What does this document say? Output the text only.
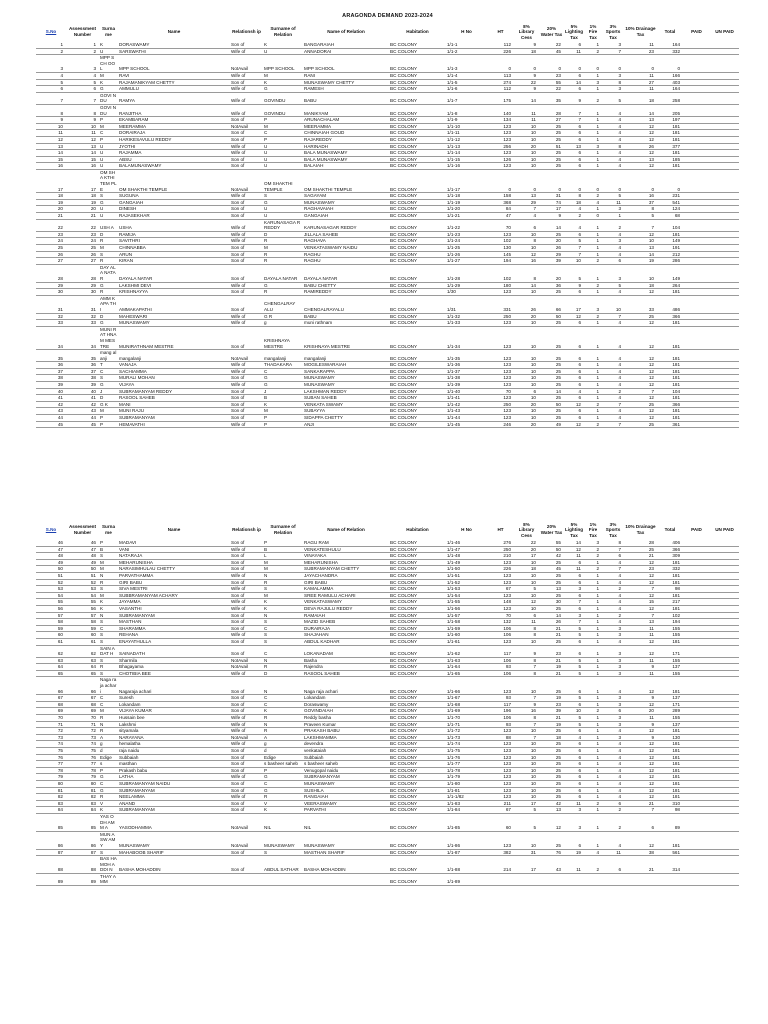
ARAGONDA DEMAND 2023-2024
S.No	Assessment Number	Surna me	Name	Relationsh ip	Surname of Relation	Name of Relation	Habitation	H No	HT	8% Library Cess	20% Water Tax	5% Lighting Tax	1% Fire Tax	3% Sports Tax	10% Drainage Tax	Total	PAID	UN PAID
1	1	K	DORASWAMY	Son of	K	BANGARAIAH	BC COLONY	1/1-1	112	9	22	6	1	3	11	164		
2	2	U	SARSWATHI	Wife of	U	ANNADORAI	BC COLONY	1/1-2	226	18	45	11	2	7	23	332		
3	3	MPP SCH OOL	MPP SCHOOL	NotAvail	MPP SCHOOL	MPP SCHOOL	BC COLONY	1/1-3	0	0	0	0	0	0	0	0		
4	4	M	RAVI	Wife of	M	RANI	BC COLONY	1/1-4	113	9	23	6	1	3	11	166		
5	5	K	RAJAMANIKYAM CHETTY	Son of	K	MUNASWAMY CHETTY	BC COLONY	1/1-5	274	22	55	14	3	8	27	403		
6	6	G	AMMULU	Wife of	G	RAMESH	BC COLONY	1/1-6	112	9	22	6	1	3	11	164		
7	7	GOVI NDU	RAMYA	Wife of	GOVINDU	BABU	BC COLONY	1/1-7	175	14	35	9	2	5	18	258		
8	8	GOVI NDU	RANJITHA	Wife of	GOVINDU	MANIKYAM	BC COLONY	1/1-8	140	11	28	7	1	4	14	205		
9	9	P	EKAMBARAM	Son of	P	ARUNACHALAM	BC COLONY	1/1-9	134	11	27	7	1	4	13	197		
10	10	M	MEERAMMA	NotAvail	M	MEERAMMA	BC COLONY	1/1-10	123	10	25	6	1	4	12	181		
11	11	C	DORAIRAJA	Son of	C	CHINNAIAH GOUD	BC COLONY	1/1-11	123	10	25	6	1	4	12	181		
12	12	P	HARIKESAVULU REDDY	Son of	P	RAJAREDDY	BC COLONY	1/1-12	123	10	25	6	1	4	12	181		
13	13	U	JYOTHI	Wife of	U	HARINADH	BC COLONY	1/1-13	256	20	51	13	3	8	26	377		
14	14	U	RAJAMMA	Wife of	U	BALA MUNASWAMY	BC COLONY	1/1-14	123	10	25	6	1	4	12	181		
15	15	U	ABSU	Son of	U	BALA MUNASWAMY	BC COLONY	1/1-15	126	10	25	6	1	4	13	185		
16	16	U	BALAMUNASWAMY	Son of	U	BALAIAH	BC COLONY	1/1-16	123	10	25	6	1	4	12	181		
17	17	OM SHA KTHI TEM PLE	OM SHAKTHI TEMPLE	NotAvail	OM SHAKTHI TEMPLE	OM SHAKTHI TEMPLE	BC COLONY	1/1-17	0	0	0	0	0	0	0	0		
18	18	S	SUGUNA	Wife of	S	SAGAYAM	BC COLONY	1/1-18	158	13	31	8	2	5	16	231		
19	19	G	GANGAIAH	Son of	G	MUNASWAMY	BC COLONY	1/1-19	368	29	74	18	4	11	37	541		
20	20	U	DINESH	Son of	U	RAGHAVAIAH	BC COLONY	1/1-20	84	7	17	4	1	3	8	124		
21	21	U	RAJASEKHAR	Son of	U	GANGAIAH	BC COLONY	1/1-21	47	4	9	2	0	1	5	68		
22	22	USH A	USHA	Wife of	KARUNASAGA R REDDY	KARUNASAGAR REDDY	BC COLONY	1/1-22	70	6	14	4	1	2	7	104		
23	23	D	RAMIJA	Wife of	D	JILLALA SAHEB	BC COLONY	1/1-23	123	10	25	6	1	4	12	181		
24	24	R	SAVITHRI	Wife of	R	RAGHAVA	BC COLONY	1/1-24	102	8	20	5	1	3	10	149		
25	25	M	CHINNABBA	Son of	M	VENKATASWAMY NAIDU	BC COLONY	1/1-25	130	10	26	7	1	4	13	191		
26	26	S	ARUN	Son of	R	RAGHU	BC COLONY	1/1-26	145	12	29	7	1	4	14	212		
27	27	R	KIRAN	Son of	R	RAGHU	BC COLONY	1/1-27	194	16	39	10	2	6	19	286		
28	28	DAY ALA NATA R	DAYALA NATAR	Son of	DAYALA NATAR	DAYALA NATAR	BC COLONY	1/1-28	102	8	20	5	1	3	10	149		
29	29	G	LAKSHMI DEVI	Wife of	G	BABU CHETTY	BC COLONY	1/1-29	180	14	36	9	2	5	18	264		
30	30	R	KRISHNAYYA	Son of	R	RAMIREDDY	BC COLONY	1/30	123	10	25	6	1	4	12	181		
31	31	AMM KAPA THI	AMMAKAPATHI	Son of	CHENGALRAY ALU	CHENGALRAYALU	BC COLONY	1/31	331	26	66	17	3	10	33	486		
32	32	D	MAHESWARI	Wife of	G R	BABU	BC COLONY	1/1-32	250	20	50	12	2	7	25	366		
33	33	G	MUNASWAMY	Wife of	g	muni rathnam	BC COLONY	1/1-33	123	10	25	6	1	4	12	181		
34	34	MUNI RAT HNA M MES TRE	MUNIRATHNAM MESTRE	Son of	KRISHNAYA MESTRE	KRISHNAYA MESTRE	BC COLONY	1/1-34	123	10	25	6	1	4	12	181		
35	35	mang alanji	mangalanji	NotAvail	mangalanji	mangalanji	BC COLONY	1/1-35	123	10	25	6	1	4	12	181		
36	36	T	VANAJA	Wife of	THADAKARA	MOGILESWARAIAH	BC COLONY	1/1-36	123	10	25	6	1	4	12	181		
37	37	C	SACHIAMMA	Wife of	C	SANKARAPPA	BC COLONY	1/1-37	123	10	25	6	1	4	12	181		
38	38	S	MURALI MOHAN	Son of	G	MUNASWAMY	BC COLONY	1/1-38	123	10	25	6	1	4	12	181		
39	39	G	VIJAYA	Wife of	G	MUNASWAMY	BC COLONY	1/1-39	123	10	25	6	1	4	12	181		
40	40	J	SUBRAMANYAM REDDY	Son of	J	LAKSHMAN REDDY	BC COLONY	1/1-40	70	6	14	4	1	2	7	104		
41	41	D	RASOOL SAHEB	Son of	B	SUBAN SAHEB	BC COLONY	1/1-41	123	10	25	6	1	4	12	181		
42	42	G K	MANI	Son of	K	VENKATA SWAMY	BC COLONY	1/1-42	250	20	50	12	2	7	25	366		
43	43	M	MUNI RAJU	Son of	M	SUBAYYA	BC COLONY	1/1-43	123	10	25	6	1	4	12	181		
44	44	P	SUBRAMANYAM	Son of	P	SIDAPPA CHETTY	BC COLONY	1/1-44	123	10	25	6	1	4	12	181		
45	45	P	HEMAVATHI	Wife of	P	ANJI	BC COLONY	1/1-45	246	20	49	12	2	7	25	361		
S.No	Assessment Number	Surna me	Name	Relationsh ip	Surname of Relation	Name of Relation	Habitation	H No	HT	8% Library Cess	20% Water Tax	5% Lighting Tax	1% Fire Tax	3% Sports Tax	10% Drainage Tax	Total	PAID	UN PAID
46	46	P	MADAVI	Son of	P	RAGU RAM	BC COLONY	1/1-46	276	22	55	14	3	8	28	406		
47	47	B	VANI	Wife of	B	VENKATESHULU	BC COLONY	1/1-47	250	20	50	12	2	7	25	366		
48	48	S	NATARAJA	Son of	L	VINAYAKA	BC COLONY	1/1-48	210	17	42	11	2	6	21	309		
49	49	M	MEHARUNISHA	Son of	M	MEHARUNISHA	BC COLONY	1/1-49	123	10	25	6	1	4	12	181		
50	50	M	NARASIMHULAU CHETTY	Son of	M	SUBRAMANYAM CHETTY	BC COLONY	1/1-50	226	18	45	11	2	7	23	332		
51	51	N	PARVATHAMMA	Wife of	N	JAYACHANDRA	BC COLONY	1/1-51	123	10	25	6	1	4	12	181		
52	52	R	GIRI BABU	Son of	R	GIRI BABU	BC COLONY	1/1-52	123	10	25	6	1	4	12	181		
53	53	S	SIVA MESTRI	Wife of	S	KAMALAMMA	BC COLONY	1/1-53	67	5	13	3	1	2	7	98		
54	54	M	SUBBRAMANYAM ACHARY	Son of	M	SREE RAMULU ACHARI	BC COLONY	1/1-54	123	10	25	6	1	4	12	181		
55	55	K	JAYAMMA	Wife of	K	VENKATASWAMY	BC COLONY	1/1-55	148	12	30	7	1	4	15	217		
56	56	K	VASANTHI	Wife of	K	DEVA RAJULU REDDY	BC COLONY	1/1-56	123	10	25	6	1	4	12	181		
57	57	N	SUBRAMANYAM	Son of	N	RAMAIAH	BC COLONY	1/1-57	70	6	14	3	1	2	7	102		
58	58	S	MASTHAN	Son of	S	MAZID SAHEB	BC COLONY	1/1-58	132	11	26	7	1	4	13	194		
59	59	C	SHARAMMA	Son of	C	DURAIRAJA	BC COLONY	1/1-59	106	8	21	5	1	3	11	155		
60	60	S	REHANA	Wife of	S	SHAJAHAN	BC COLONY	1/1-60	106	8	21	5	1	3	11	155		
61	61	S	ENAYATHULLA	Son of	S	ABDUL KADHAR	BC COLONY	1/1-61	123	10	25	6	1	4	12	181		
62	62	SAIN ADAT H	SAINADATH	Son of	C	LOKANADAM	BC COLONY	1/1-62	117	9	23	6	1	3	12	171		
63	63	S	Sharmila	NotAvail	N	Basha	BC COLONY	1/1-63	106	8	21	5	1	3	11	155		
64	64	R	Bhagayama	NotAvail	R	Rajendra	BC COLONY	1/1-64	93	7	19	5	1	3	9	137		
65	65	S	CHOTIBIA BEE	Wife of	D	RASOOL SAHEB	BC COLONY	1/1-65	106	8	21	5	1	3	11	155		
66	66	Naga raja achari	Nagaraja achari	Son of	N	Naga raja achari	BC COLONY	1/1-66	123	10	25	6	1	4	12	181		
67	67	C	Suresh	Son of	C	Lokandam	BC COLONY	1/1-67	93	7	19	5	1	3	9	137		
68	68	C	Lokandam	Son of	C	Doraswamy	BC COLONY	1/1-68	117	9	23	6	1	3	12	171		
69	69	M	VIJAYA KUMAR	Son of	K	GOVINDAIAH	BC COLONY	1/1-69	196	16	39	10	2	6	20	289		
70	70	R	Hussain bee	Wife of	R	Reddy basha	BC COLONY	1/1-70	106	8	21	5	1	3	11	155		
71	71	N	Lakshmi	Wife of	N	Praveen Kumar	BC COLONY	1/1-71	93	7	19	5	1	3	9	137		
72	72	R	sityamala	Wife of	R	PRAKASH BABU	BC COLONY	1/1-72	123	10	25	6	1	4	12	181		
73	73	A	NARAYANA	NotAvail	A	LAKSHMAMMA	BC COLONY	1/1-73	88	7	18	4	1	3	9	130		
74	74	g	hemalatha	Wife of	g	devendra	BC COLONY	1/1-74	123	10	25	6	1	4	12	181		
75	75	d	raja naidu	Son of	d	venkataiah	BC COLONY	1/1-75	123	10	25	6	1	4	12	181		
76	76	Edige	Subbaiah	Son of	Edige	Subbaiah	BC COLONY	1/1-76	123	10	25	6	1	4	12	181		
77	77	s	masthan	Son of	s basheer saheb	s basheer saheb	BC COLONY	1/1-77	123	10	25	6	1	4	12	181		
78	78	P	Prakash babu	Son of	P	Venugopal naidu	BC COLONY	1/1-78	123	10	25	6	1	4	12	181		
79	79	G	LATHA	Wife of	G	SUBRAMANYAM	BC COLONY	1/1-79	123	10	25	6	1	4	12	181		
80	80	C	SUBRAMANYAM NAIDU	Son of	C	MUNASWAMY	BC COLONY	1/1-80	123	10	25	6	1	4	12	181		
81	81	G	SUBRAMANYAM	Son of	G	SUSHILA	BC COLONY	1/1-81	123	10	25	6	1	4	12	181		
82	82	R	NEELAMMA	Wife of	R	RANGAIAH	BC COLONY	1/1-1/82	123	10	25	6	1	4	12	181		
83	83	V	ANAND	Son of	V	VEERASWAMY	BC COLONY	1/1-83	211	17	42	11	2	6	21	310		
84	84	K	SUBRAMANYAM	Son of	K	PARVATHI	BC COLONY	1/1-84	67	5	13	3	1	2	7	98		
85	85	YAS ODH AMM A	YASODHAMMA	NotAvail	NIL	NIL	BC COLONY	1/1-85	60	5	12	3	1	2	6	89		
86	86	MUN ASW AMY	MUNASWAMY	NotAvail	MUNASWAMY	MUNASWAMY	BC COLONY	1/1-86	123	10	25	6	1	4	12	181		
87	87	S	MAHABOOB SHARIF	Son of	S	MASTHAN SHARIF	BC COLONY	1/1-87	382	31	76	19	4	11	38	561		
88	88	BAS HA MOH ADDI N	BASHA MOHADDIN	Son of	ABDUL SATHAR	BASHA MOHADDIN	BC COLONY	1/1-88	214	17	43	11	2	6	21	314		
89	89	THAY AMM					BC COLONY	1/1-89										
